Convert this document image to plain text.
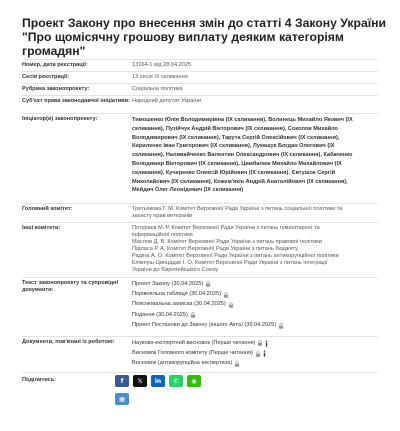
Проект Закону про внесення змін до статті 4 Закону України "Про щомісячну грошову виплату деяким категоріям громадян"
Номер, дата реєстрації:	13164-1 від 28.04.2025
Сесія реєстрації:	13 сесія IX скликання
Рубрика законопроекту:	Соціальна політика
Суб'єкт права законодавчої ініціативи: Народний депутат України
Ініціатор(и) законопроекту:	Тимошенко Юлія Володимирівна (IX скликання), Волинець Михайло Якович (IX
скликання), Пузійчук Андрій Вікторович (IX скликання), Соколов Михайло
Володимирович (IX скликання), Тарута Сергій Олексійович (IX скликання),
Кириленко Іван Григорович (IX скликання), Лукашук Богдан Олегович (IX
скликання), Наливайченко Валентин Олександрович (IX скликання), Кабаченко
Володимир Вікторович (IX скликання), Цимбалюк Михайло Михайлович (IX
скликання), Кучеренко Олексій Юрійович (IX скликання), Євтушок Сергій
Миколайович (IX скликання), Кожем'якін Андрій Анатолійович (IX скликання),
Мейдич Олег Леонідович (IX скликання)
Головний комітет:	Третьякова Г. М. Комітет Верховної Ради України з питань соціальної політики та
захисту прав ветеранів
Інші комітети:	Потураєв М. Р. Комітет Верховної Ради України з питань гуманітарної та
інформаційної політики
Маслов Д. В. Комітет Верховної Ради України з питань правової політики
Підласа Р. А. Комітет Верховної Ради України з питань бюджету
Радіна А. О. Комітет Верховної Ради України з питань антикорупційної політики
Клімпуш-Цинцадзе І. О. Комітет Верховної Ради України з питань інтеграції
України до Європейського Союзу
Текст законопроекту та супровідні документи:
Проект Закону (30.04.2025)
Порівняльна таблиця (30.04.2025)
Пояснювальна записка (30.04.2025)
Подання (30.04.2025)
Проект Постанови до Закону (іншого Акта) (30.04.2025)
Документи, пов'язані із роботою:	Науково-експертний висновок (Перше читання)
Висновок Головного комітету (Перше читання)
Висновок (антикорупційна експертиза)
Поділитись:	f	𝕏	in	✆	◉
▦
